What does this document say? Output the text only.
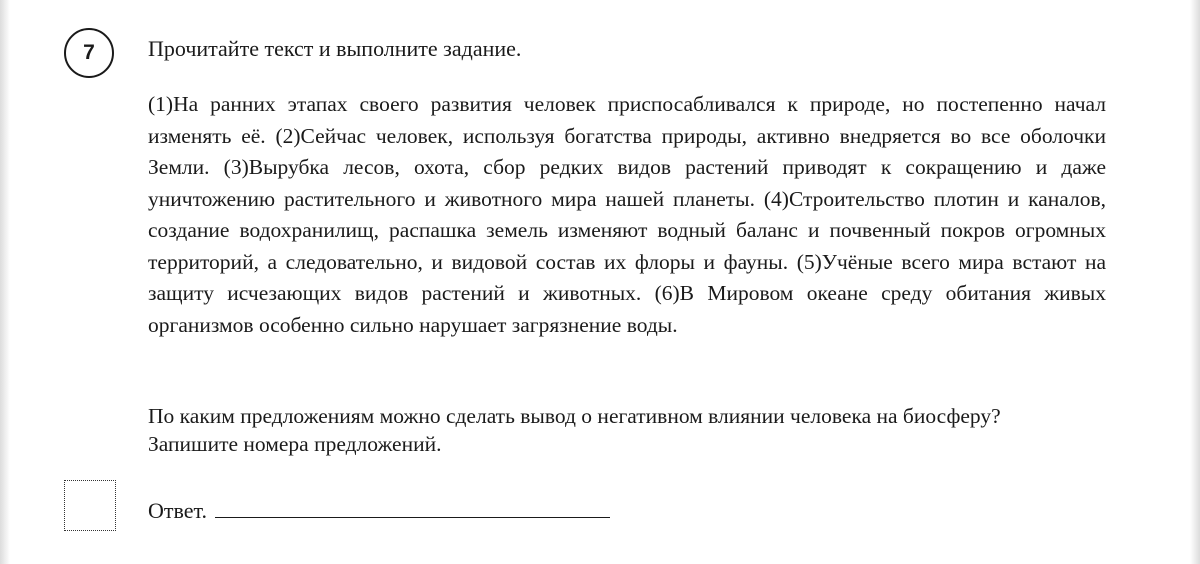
7 Прочитайте текст и выполните задание.

(1)На ранних этапах своего развития человек приспосабливался к природе, но постепенно начал изменять её. (2)Сейчас человек, используя богатства природы, активно внедряется во все оболочки Земли. (3)Вырубка лесов, охота, сбор редких видов растений приводят к сокращению и даже уничтожению растительного и животного мира нашей планеты. (4)Строительство плотин и каналов, создание водохранилищ, распашка земель изменяют водный баланс и почвенный покров огромных территорий, а следовательно, и видовой состав их флоры и фауны. (5)Учёные всего мира встают на защиту исчезающих видов растений и животных. (6)В Мировом океане среду обитания живых организмов особенно сильно нарушает загрязнение воды.

По каким предложениям можно сделать вывод о негативном влиянии человека на биосферу?
Запишите номера предложений.
Ответ.
